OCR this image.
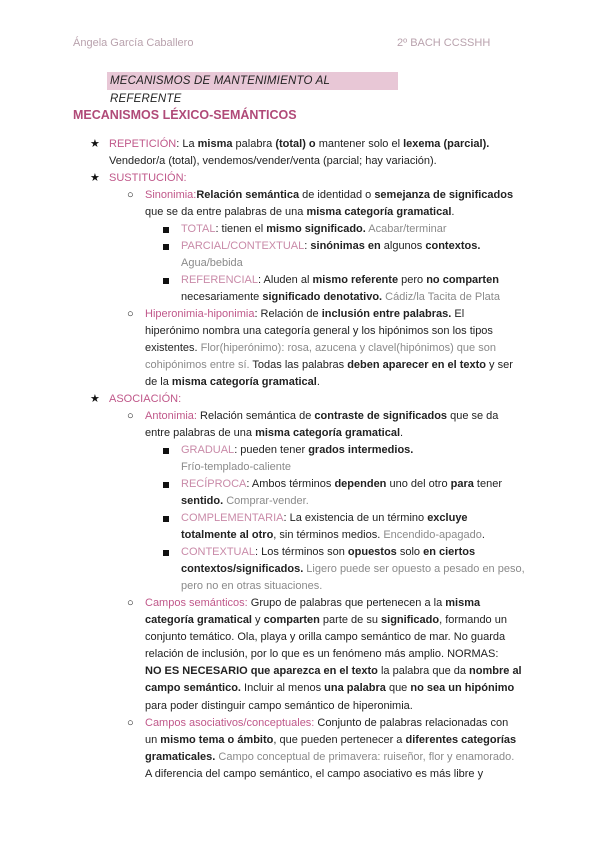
Ángela García Caballero	2º BACH CCSSHH
MECANISMOS DE MANTENIMIENTO AL REFERENTE
MECANISMOS LÉXICO-SEMÁNTICOS
★ REPETICIÓN: La misma palabra (total) o mantener solo el lexema (parcial).
Vendedor/a (total), vendemos/vender/venta (parcial; hay variación).

★ SUSTITUCIÓN:

○ Sinonimia:Relación semántica de identidad o semejanza de significados
que se da entre palabras de una misma categoría gramatical.

TOTAL: tienen el mismo significado. Acabar/terminar

PARCIAL/CONTEXTUAL: sinónimas en algunos contextos.
Agua/bebida

REFERENCIAL: Aluden al mismo referente pero no comparten
necesariamente significado denotativo. Cádiz/la Tacita de Plata

○ Hiperonimia-hiponimia: Relación de inclusión entre palabras. El
hiperónimo nombra una categoría general y los hipónimos son los tipos
existentes. Flor(hiperónimo): rosa, azucena y clavel(hipónimos) que son
cohipónimos entre sí. Todas las palabras deben aparecer en el texto y ser
de la misma categoría gramatical.

★ ASOCIACIÓN:

○ Antonimia: Relación semántica de contraste de significados que se da
entre palabras de una misma categoría gramatical.

GRADUAL: pueden tener grados intermedios.
Frío-templado-caliente

RECÍPROCA: Ambos términos dependen uno del otro para tener
sentido. Comprar-vender.

COMPLEMENTARIA: La existencia de un término excluye
totalmente al otro, sin términos medios. Encendido-apagado.

CONTEXTUAL: Los términos son opuestos solo en ciertos
contextos/significados. Ligero puede ser opuesto a pesado en peso,
pero no en otras situaciones.

○ Campos semánticos: Grupo de palabras que pertenecen a la misma
categoría gramatical y comparten parte de su significado, formando un
conjunto temático. Ola, playa y orilla campo semántico de mar. No guarda
relación de inclusión, por lo que es un fenómeno más amplio. NORMAS:
NO ES NECESARIO que aparezca en el texto la palabra que da nombre al
campo semántico. Incluir al menos una palabra que no sea un hipónimo
para poder distinguir campo semántico de hiperonimia.

○ Campos asociativos/conceptuales: Conjunto de palabras relacionadas con
un mismo tema o ámbito, que pueden pertenecer a diferentes categorías
gramaticales. Campo conceptual de primavera: ruiseñor, flor y enamorado.
A diferencia del campo semántico, el campo asociativo es más libre y
